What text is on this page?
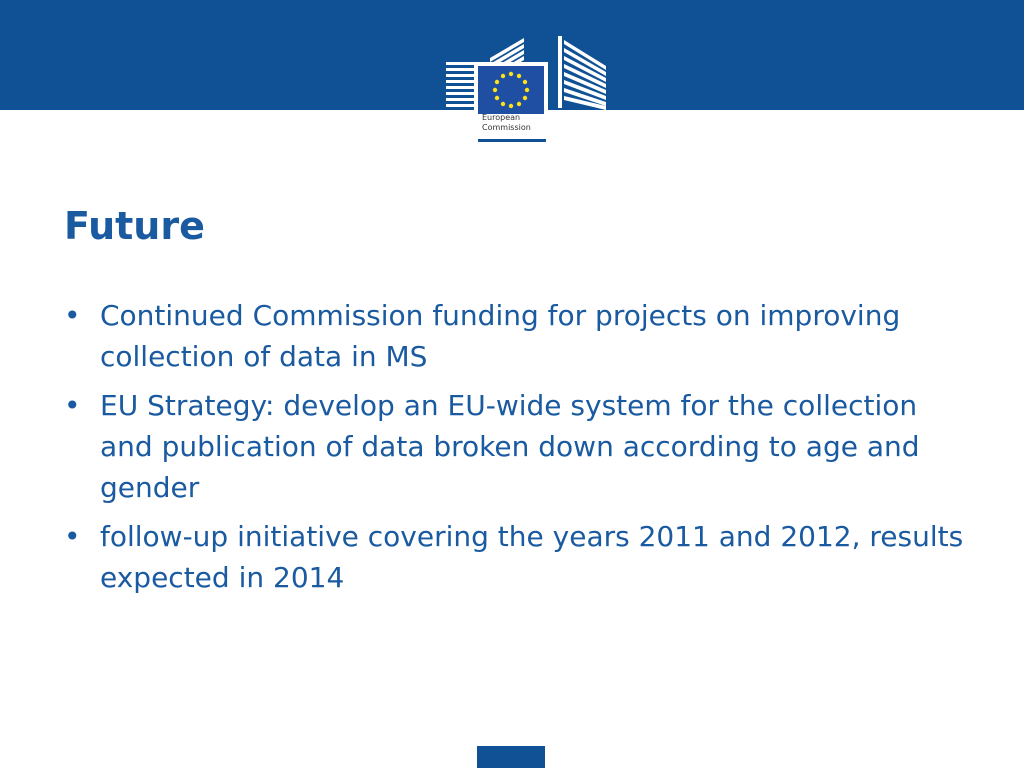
European
Commission
Future
• Continued Commission funding for projects on improving collection of data in MS
• EU Strategy: develop an EU-wide system for the collection and publication of data broken down according to age and gender
• follow-up initiative covering the years 2011 and 2012, results expected in 2014
